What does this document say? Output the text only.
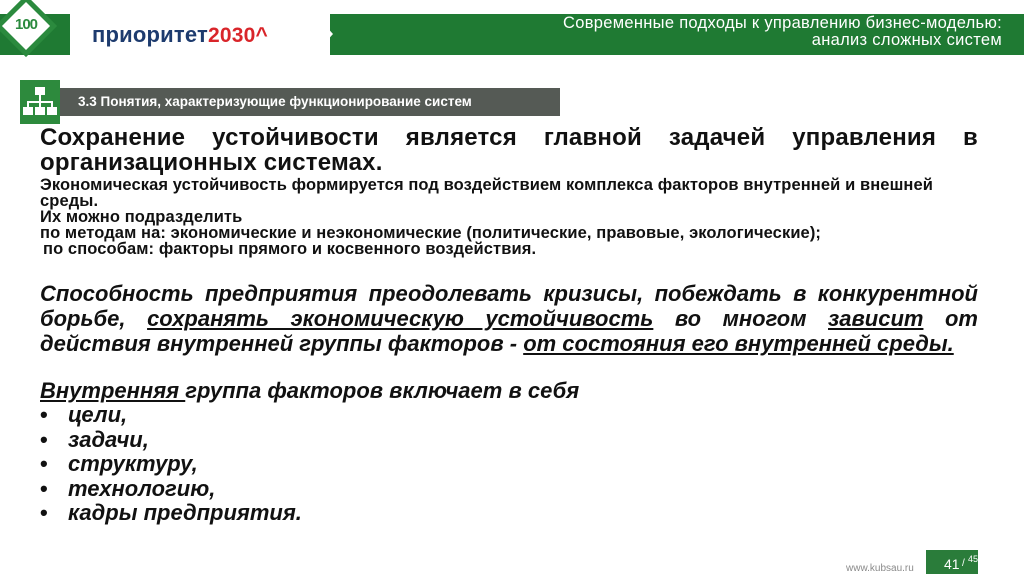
приоритет2030^
100	Современные подходы к управлению бизнес-моделью:
анализ сложных систем
3.3 Понятия, характеризующие функционирование систем

Сохранение устойчивости является главной задачей управления в организационных системах.

Экономическая устойчивость формируется под воздействием комплекса факторов внутренней и внешней среды.
Их можно подразделить
по методам на: экономические и неэкономические (политические, правовые, экологические);

по способам: факторы прямого и косвенного воздействия.

Способность предприятия преодолевать кризисы, побеждать в конкурентной борьбе, сохранять экономическую устойчивость во многом зависит от действия внутренней группы факторов - от состояния его внутренней среды.

Внутренняя группа факторов включает в себя

• цели,
• задачи,
• структуру,
• технологию,
• кадры предприятия.
www.kubsau.ru 41 / 45
